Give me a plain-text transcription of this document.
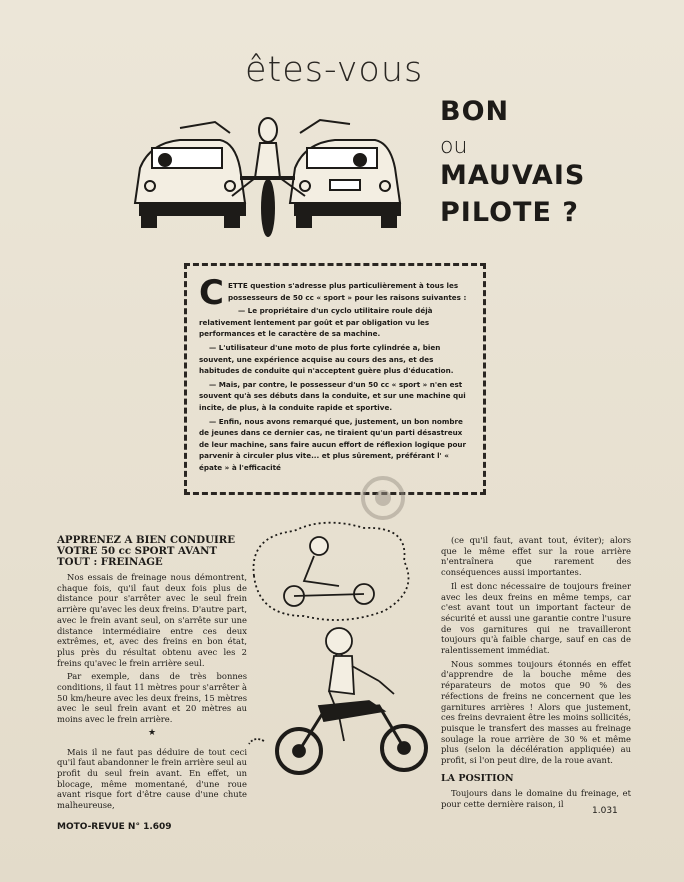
êtes-vous
BON
ou
MAUVAIS
PILOTE ?

CETTE question s'adresse plus particulièrement à tous les possesseurs de 50 cc « sport » pour les raisons suivantes :

— Le propriétaire d'un cyclo utilitaire roule déjà relativement lentement par goût et par obligation vu les performances et le caractère de sa machine.

— L'utilisateur d'une moto de plus forte cylindrée a, bien souvent, une expérience acquise au cours des ans, et des habitudes de conduite qui n'acceptent guère plus d'éducation.

— Mais, par contre, le possesseur d'un 50 cc « sport » n'en est souvent qu'à ses débuts dans la conduite, et sur une machine qui incite, de plus, à la conduite rapide et sportive.

— Enfin, nous avons remarqué que, justement, un bon nombre de jeunes dans ce dernier cas, ne tiraient qu'un parti désastreux de leur machine, sans faire aucun effort de réflexion logique pour parvenir à circuler plus vite... et plus sûrement, préférant l' « épate » à l'efficacité

APPRENEZ A BIEN CONDUIRE VOTRE 50 cc SPORT AVANT TOUT : FREINAGE

Nos essais de freinage nous démontrent, chaque fois, qu'il faut deux fois plus de distance pour s'arrêter avec le seul frein arrière qu'avec les deux freins. D'autre part, avec le frein avant seul, on s'arrête sur une distance intermédiaire entre ces deux extrêmes, et, avec des freins en bon état, plus près du résultat obtenu avec les 2 freins qu'avec le frein arrière seul.

Par exemple, dans de très bonnes conditions, il faut 11 mètres pour s'arrêter à 50 km/heure avec les deux freins, 15 mètres avec le seul frein avant et 20 mètres au moins avec le frein arrière.

★

Mais il ne faut pas déduire de tout ceci qu'il faut abandonner le frein arrière seul au profit du seul frein avant. En effet, un blocage, même momentané, d'une roue avant risque fort d'être cause d'une chute malheureuse,

(ce qu'il faut, avant tout, éviter); alors que le même effet sur la roue arrière n'entraînera que rarement des conséquences aussi importantes.

Il est donc nécessaire de toujours freiner avec les deux freins en même temps, car c'est avant tout un important facteur de sécurité et aussi une garantie contre l'usure de vos garnitures qui ne travailleront toujours qu'à faible charge, sauf en cas de ralentissement immédiat.

Nous sommes toujours étonnés en effet d'apprendre de la bouche même des réparateurs de motos que 90 % des réfections de freins ne concernent que les garnitures arrières ! Alors que justement, ces freins devraient être les moins sollicités, puisque le transfert des masses au freinage soulage la roue arrière de 30 % et même plus (selon la décélération appliquée) au profit, si l'on peut dire, de la roue avant.

LA POSITION

Toujours dans le domaine du freinage, et pour cette dernière raison, il

MOTO-REVUE N° 1.609
1.031
